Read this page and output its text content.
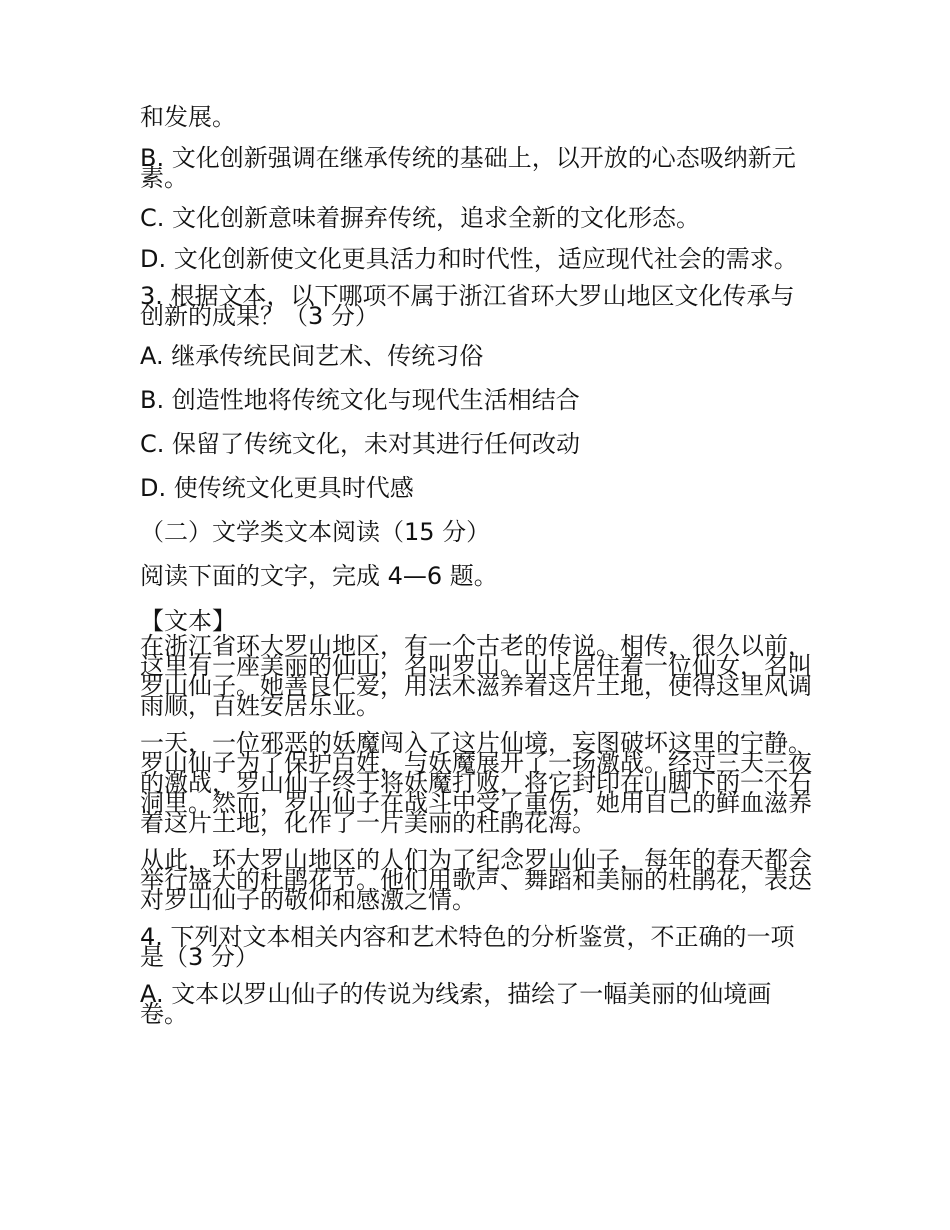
和发展。

B. 文化创新强调在继承传统的基础上，以开放的心态吸纳新元素。

C. 文化创新意味着摒弃传统，追求全新的文化形态。

D. 文化创新使文化更具活力和时代性，适应现代社会的需求。

3. 根据文本，以下哪项不属于浙江省环大罗山地区文化传承与创新的成果？（3 分）

A. 继承传统民间艺术、传统习俗

B. 创造性地将传统文化与现代生活相结合

C. 保留了传统文化，未对其进行任何改动

D. 使传统文化更具时代感

（二）文学类文本阅读（15 分）

阅读下面的文字，完成 4—6 题。

【文本】

在浙江省环大罗山地区，有一个古老的传说。相传，很久以前，这里有一座美丽的仙山，名叫罗山。山上居住着一位仙女，名叫罗山仙子。她善良仁爱，用法术滋养着这片土地，使得这里风调雨顺，百姓安居乐业。

一天，一位邪恶的妖魔闯入了这片仙境，妄图破坏这里的宁静。罗山仙子为了保护百姓，与妖魔展开了一场激战。经过三天三夜的激战，罗山仙子终于将妖魔打败，将它封印在山脚下的一个石洞里。然而，罗山仙子在战斗中受了重伤，她用自己的鲜血滋养着这片土地，化作了一片美丽的杜鹃花海。

从此，环大罗山地区的人们为了纪念罗山仙子，每年的春天都会举行盛大的杜鹃花节。他们用歌声、舞蹈和美丽的杜鹃花，表达对罗山仙子的敬仰和感激之情。

4. 下列对文本相关内容和艺术特色的分析鉴赏，不正确的一项是（3 分）

A. 文本以罗山仙子的传说为线索，描绘了一幅美丽的仙境画卷。
